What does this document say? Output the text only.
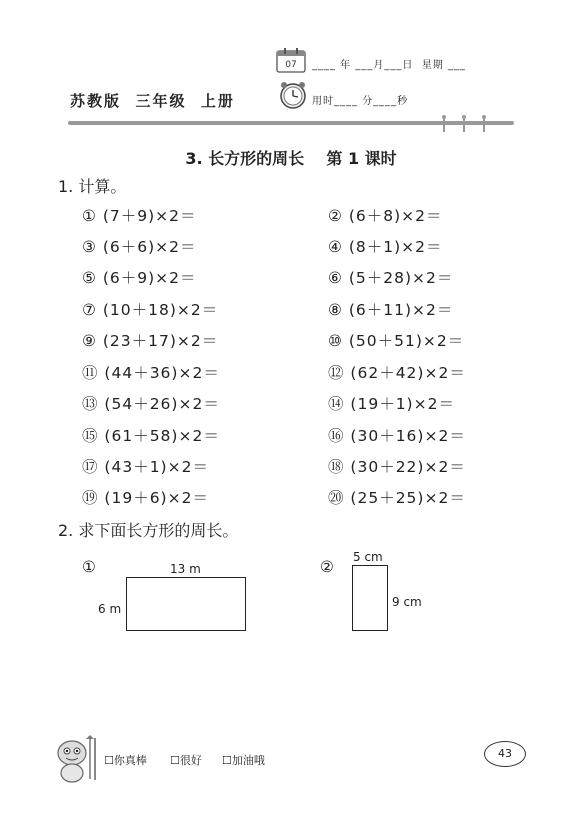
07 ____ 年 ___月___日  星期 ___
苏教版  三年级  上册	用时____ 分____秒
3. 长方形的周长    第 1 课时
1. 计算。
① (7＋9)×2＝	② (6＋8)×2＝
③ (6＋6)×2＝	④ (8＋1)×2＝
⑤ (6＋9)×2＝	⑥ (5＋28)×2＝
⑦ (10＋18)×2＝	⑧ (6＋11)×2＝
⑨ (23＋17)×2＝	⑩ (50＋51)×2＝
⑪ (44＋36)×2＝	⑫ (62＋42)×2＝
⑬ (54＋26)×2＝	⑭ (19＋1)×2＝
⑮ (61＋58)×2＝	⑯ (30＋16)×2＝
⑰ (43＋1)×2＝	⑱ (30＋22)×2＝
⑲ (19＋6)×2＝	⑳ (25＋25)×2＝
2. 求下面长方形的周长。
①	13 m
6 m
②
5 cm
9 cm
☐你真棒 ☐很好 ☐加油哦
43
